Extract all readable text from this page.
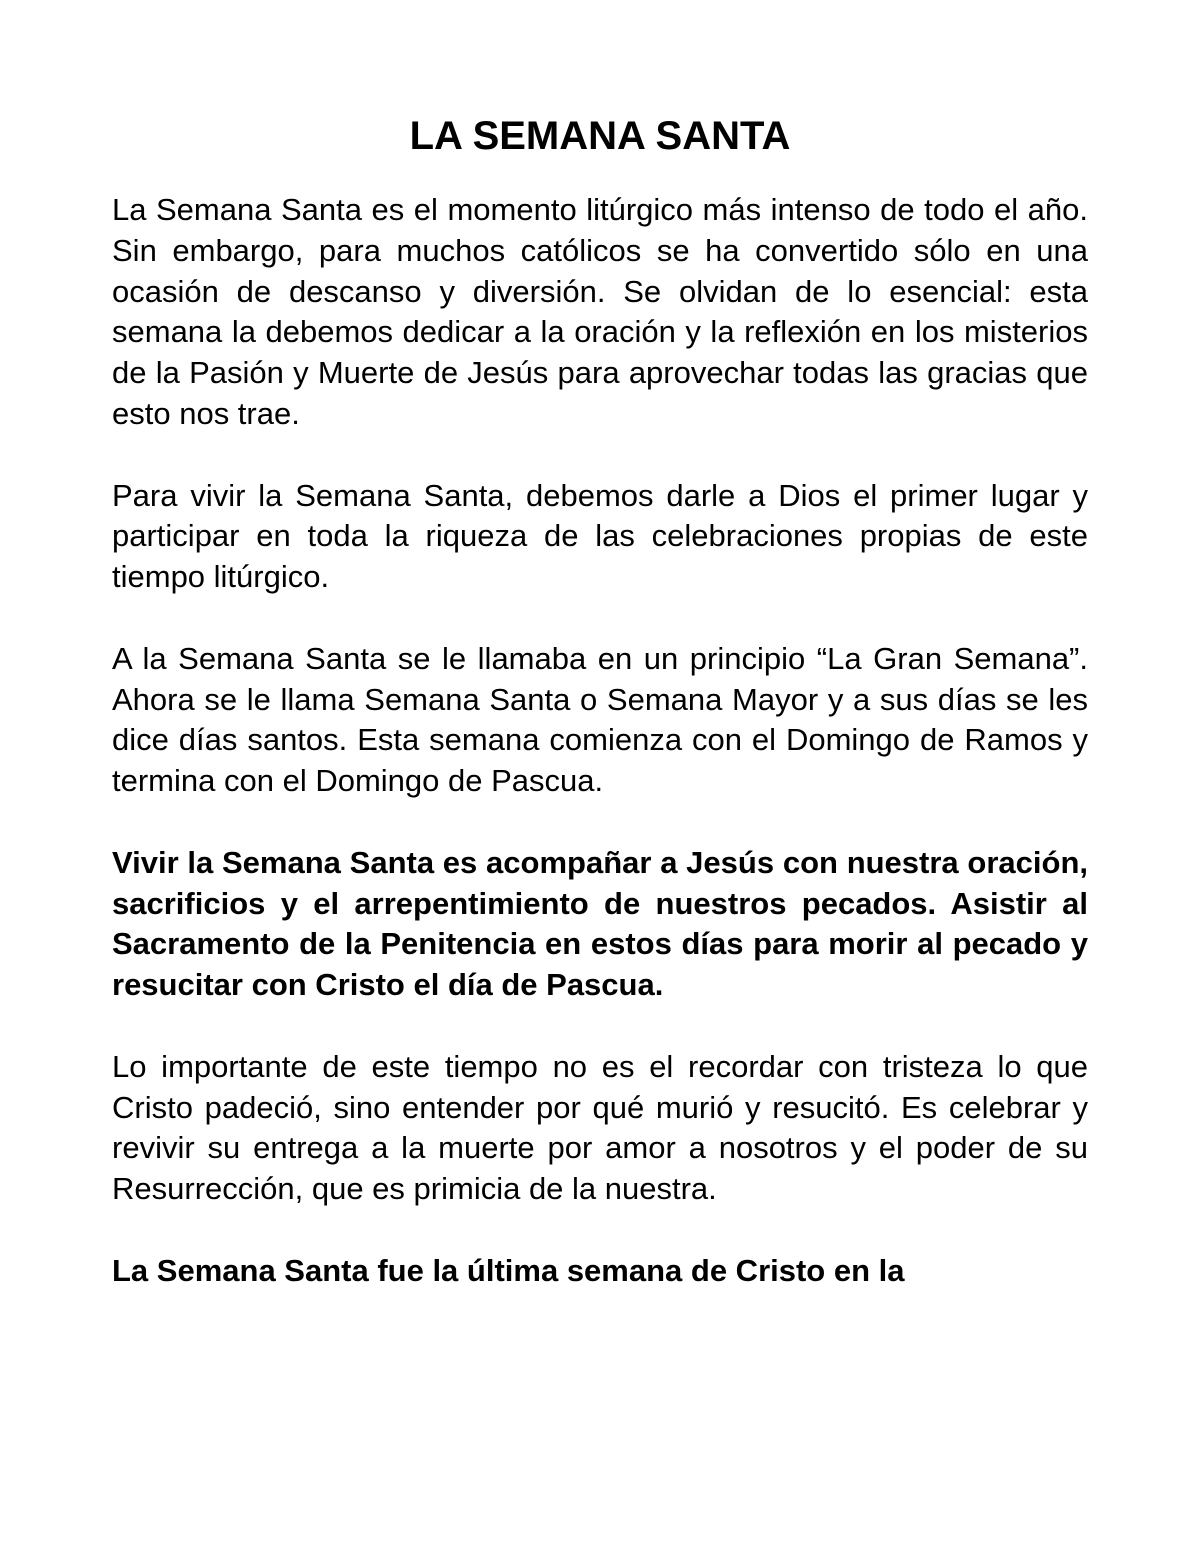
LA SEMANA SANTA

La Semana Santa es el momento litúrgico más intenso de todo el año. Sin embargo, para muchos católicos se ha convertido sólo en una ocasión de descanso y diversión. Se olvidan de lo esencial: esta semana la debemos dedicar a la oración y la reflexión en los misterios de la Pasión y Muerte de Jesús para aprovechar todas las gracias que esto nos trae.

Para vivir la Semana Santa, debemos darle a Dios el primer lugar y participar en toda la riqueza de las celebraciones propias de este tiempo litúrgico.

A la Semana Santa se le llamaba en un principio “La Gran Semana”. Ahora se le llama Semana Santa o Semana Mayor y a sus días se les dice días santos. Esta semana comienza con el Domingo de Ramos y termina con el Domingo de Pascua.

Vivir la Semana Santa es acompañar a Jesús con nuestra oración, sacrificios y el arrepentimiento de nuestros pecados. Asistir al Sacramento de la Penitencia en estos días para morir al pecado y resucitar con Cristo el día de Pascua.

Lo importante de este tiempo no es el recordar con tristeza lo que Cristo padeció, sino entender por qué murió y resucitó. Es celebrar y revivir su entrega a la muerte por amor a nosotros y el poder de su Resurrección, que es primicia de la nuestra.

La Semana Santa fue la última semana de Cristo en la
